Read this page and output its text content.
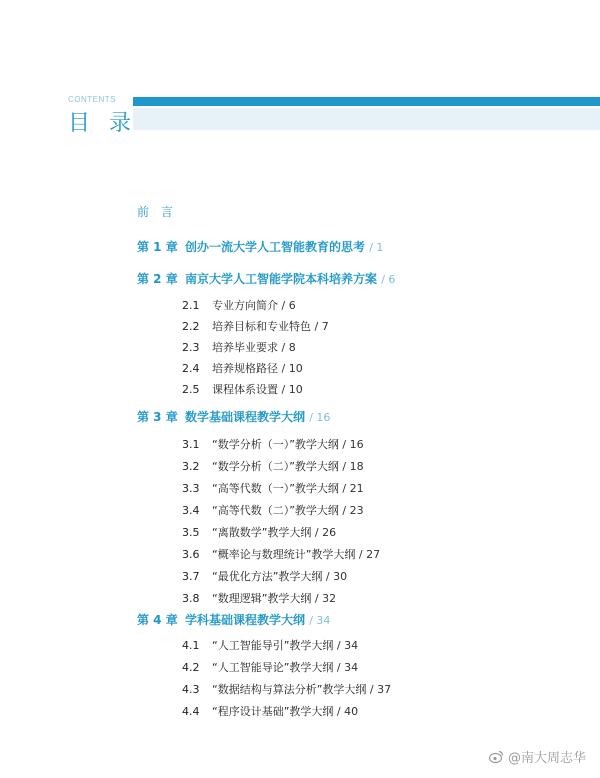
CONTENTS
目 录
前 言
第 1 章 创办一流大学人工智能教育的思考 / 1
第 2 章 南京大学人工智能学院本科培养方案 / 6
2.1 专业方向简介 / 6
2.2 培养目标和专业特色 / 7
2.3 培养毕业要求 / 8
2.4 培养规格路径 / 10
2.5 课程体系设置 / 10
第 3 章 数学基础课程教学大纲 / 16
3.1 “数学分析（一）”教学大纲 / 16
3.2 “数学分析（二）”教学大纲 / 18
3.3 “高等代数（一）”教学大纲 / 21
3.4 “高等代数（二）”教学大纲 / 23
3.5 “离散数学”教学大纲 / 26
3.6 “概率论与数理统计”教学大纲 / 27
3.7 “最优化方法”教学大纲 / 30
3.8 “数理逻辑”教学大纲 / 32
第 4 章 学科基础课程教学大纲 / 34
4.1 “人工智能导引”教学大纲 / 34
4.2 “人工智能导论”教学大纲 / 34
4.3 “数据结构与算法分析”教学大纲 / 37
4.4 “程序设计基础”教学大纲 / 40
@南大周志华
